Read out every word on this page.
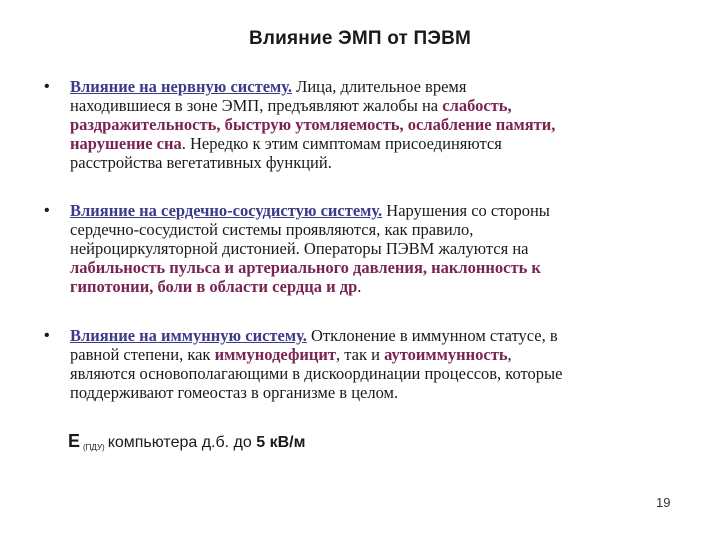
Влияние ЭМП от ПЭВМ
• Влияние на нервную систему. Лица, длительное время
находившиеся в зоне ЭМП, предъявляют жалобы на слабость,
раздражительность, быструю утомляемость, ослабление памяти,
нарушение сна. Нередко к этим симптомам присоединяются
расстройства вегетативных функций.
• Влияние на сердечно-сосудистую систему. Нарушения со стороны
сердечно-сосудистой системы проявляются, как правило,
нейроциркуляторной дистонией. Операторы ПЭВМ жалуются на
лабильность пульса и артериального давления, наклонность к
гипотонии, боли в области сердца и др.
• Влияние на иммунную систему. Отклонение в иммунном статусе, в
равной степени, как иммунодефицит, так и аутоиммунность,
являются основополагающими в дискоординации процессов, которые
поддерживают гомеостаз в организме в целом.
Е $_{(ПДУ)}$ компьютера д.б. до 5 кВ/м
19
